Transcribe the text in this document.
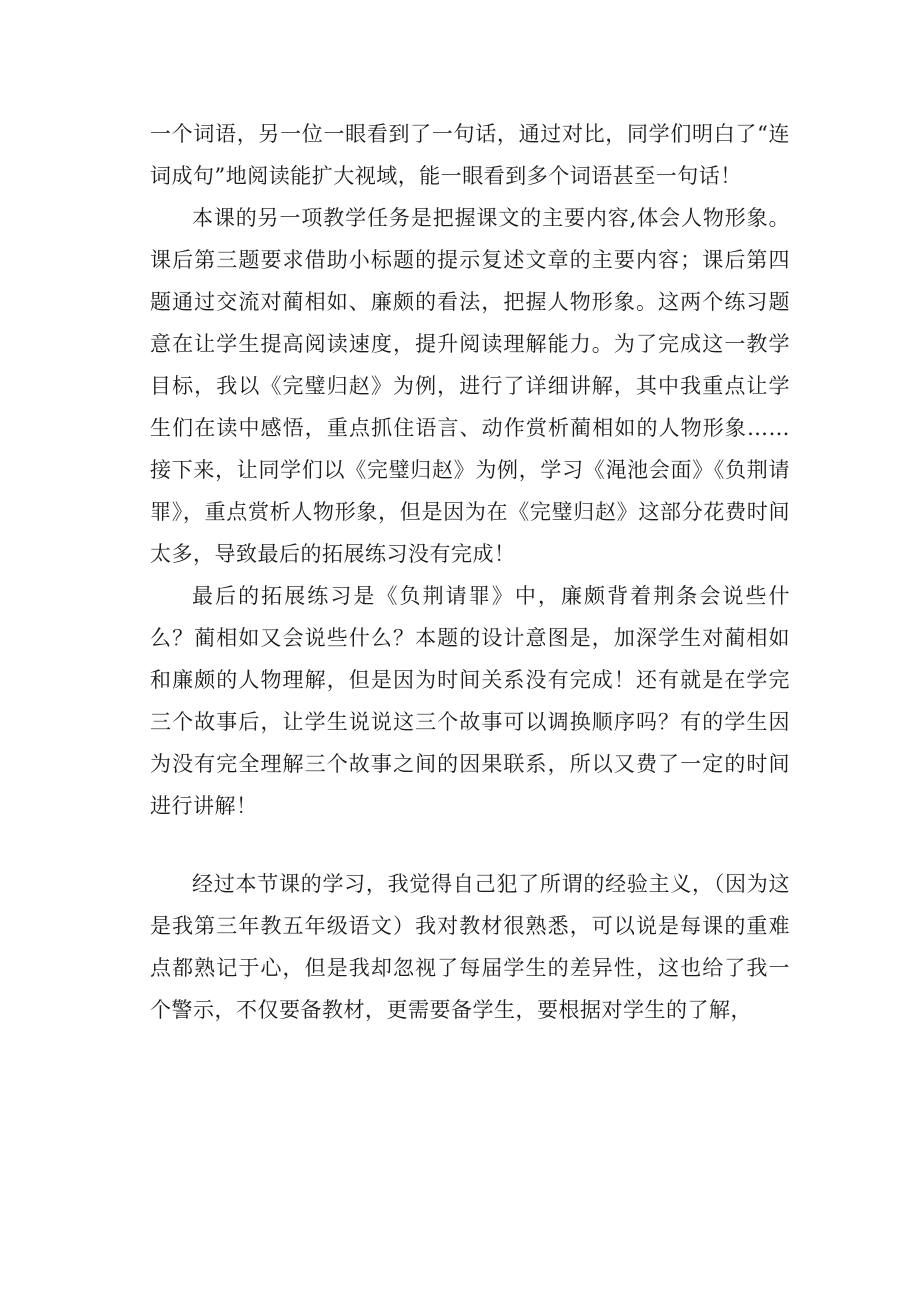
一个词语，另一位一眼看到了一句话，通过对比，同学们明白了“连词成句”地阅读能扩大视域，能一眼看到多个词语甚至一句话！

本课的另一项教学任务是把握课文的主要内容,体会人物形象。课后第三题要求借助小标题的提示复述文章的主要内容；课后第四题通过交流对蔺相如、廉颇的看法，把握人物形象。这两个练习题意在让学生提高阅读速度，提升阅读理解能力。为了完成这一教学目标，我以《完璧归赵》为例，进行了详细讲解，其中我重点让学生们在读中感悟，重点抓住语言、动作赏析蔺相如的人物形象……接下来，让同学们以《完璧归赵》为例，学习《渑池会面》《负荆请罪》，重点赏析人物形象，但是因为在《完璧归赵》这部分花费时间太多，导致最后的拓展练习没有完成！

最后的拓展练习是《负荆请罪》中，廉颇背着荆条会说些什么？蔺相如又会说些什么？本题的设计意图是，加深学生对蔺相如和廉颇的人物理解，但是因为时间关系没有完成！还有就是在学完三个故事后，让学生说说这三个故事可以调换顺序吗？有的学生因为没有完全理解三个故事之间的因果联系，所以又费了一定的时间进行讲解！

经过本节课的学习，我觉得自己犯了所谓的经验主义，（因为这是我第三年教五年级语文）我对教材很熟悉，可以说是每课的重难点都熟记于心，但是我却忽视了每届学生的差异性，这也给了我一个警示，不仅要备教材，更需要备学生，要根据对学生的了解，
